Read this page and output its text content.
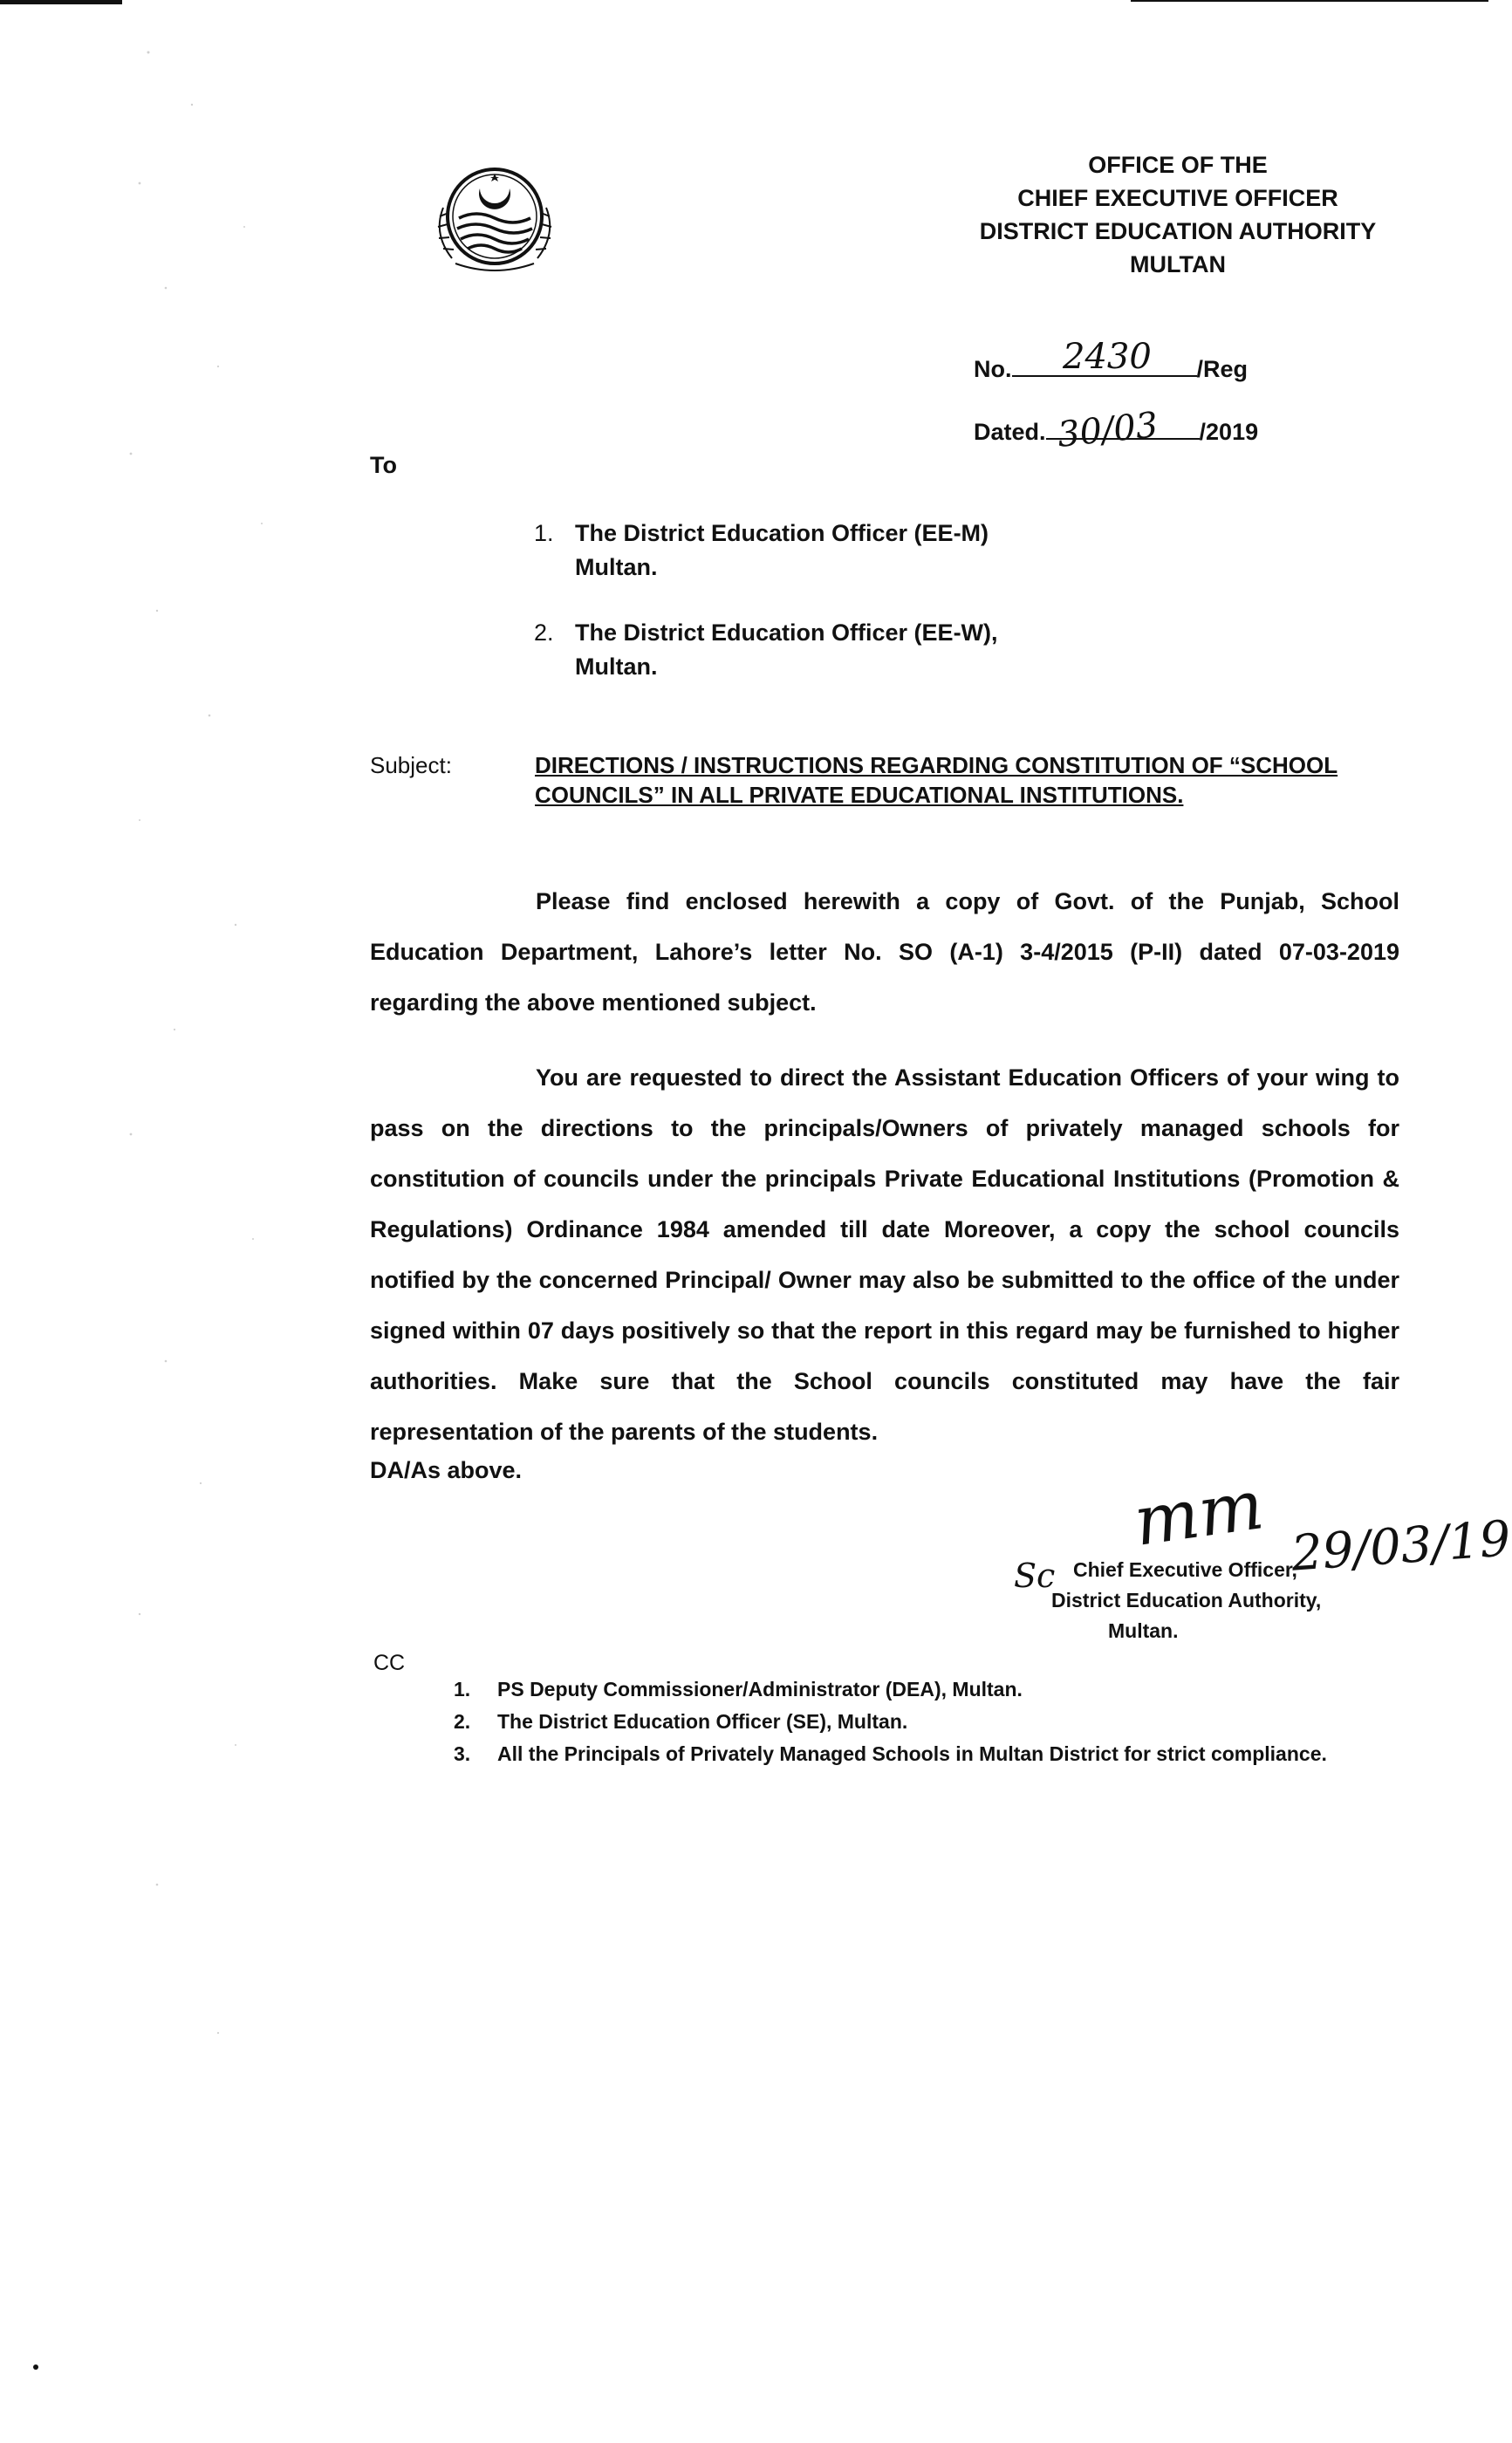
OFFICE OF THE
CHIEF EXECUTIVE OFFICER
DISTRICT EDUCATION AUTHORITY
MULTAN
No.	/Reg
2430
Dated.	/2019
30/03
To
1. The District Education Officer (EE-M)
Multan.
2. The District Education Officer (EE-W),
Multan.
Subject:	DIRECTIONS / INSTRUCTIONS REGARDING CONSTITUTION OF “SCHOOL COUNCILS” IN ALL PRIVATE EDUCATIONAL INSTITUTIONS.
Please find enclosed herewith a copy of Govt. of the Punjab, School Education Department, Lahore’s letter No. SO (A-1) 3-4/2015 (P-II) dated 07-03-2019 regarding the above mentioned subject.
You are requested to direct the Assistant Education Officers of your wing to pass on the directions to the principals/Owners of privately managed schools for constitution of councils under the principals Private Educational Institutions (Promotion & Regulations) Ordinance 1984 amended till date Moreover, a copy the school councils notified by the concerned Principal/ Owner may also be submitted to the office of the under signed within 07 days positively so that the report in this regard may be furnished to higher authorities. Make sure that the School councils constituted may have the fair representation of the parents of the students.
DA/As above.	mm 29/03/19
Sc Chief Executive Officer,
District Education Authority,
Multan.
CC
1. PS Deputy Commissioner/Administrator (DEA), Multan.
2. The District Education Officer (SE), Multan.
3. All the Principals of Privately Managed Schools in Multan District for strict compliance.
